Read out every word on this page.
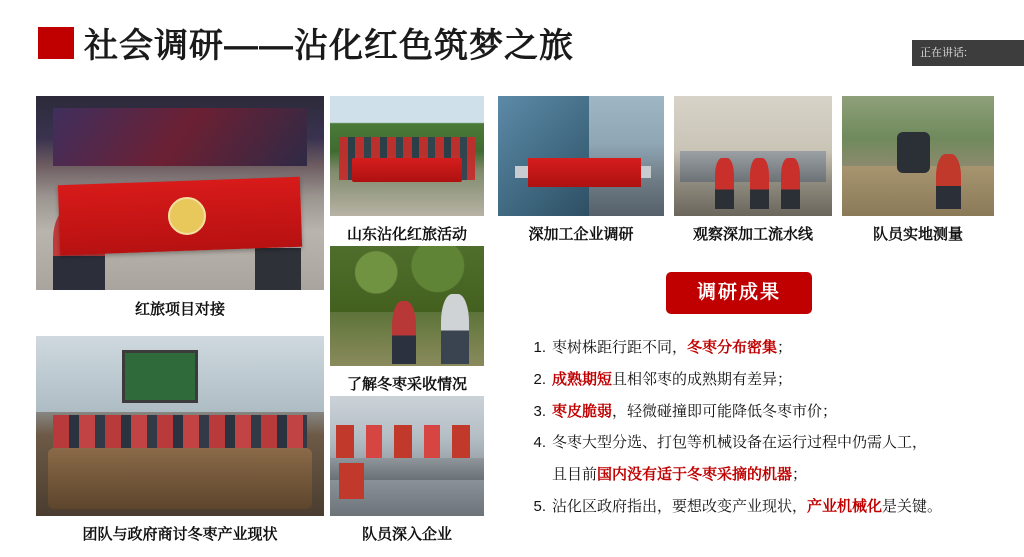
社会调研——沾化红色筑梦之旅	正在讲话:
红旅项目对接
山东沾化红旅活动	深加工企业调研	观察深加工流水线	队员实地测量
了解冬枣采收情况
团队与政府商讨冬枣产业现状	队员深入企业
调研成果
1. 枣树株距行距不同，冬枣分布密集；
2. 成熟期短且相邻枣的成熟期有差异；
3. 枣皮脆弱，轻微碰撞即可能降低冬枣市价；
4. 冬枣大型分选、打包等机械设备在运行过程中仍需人工，
且目前国内没有适于冬枣采摘的机器；
5. 沾化区政府指出，要想改变产业现状，产业机械化是关键。
